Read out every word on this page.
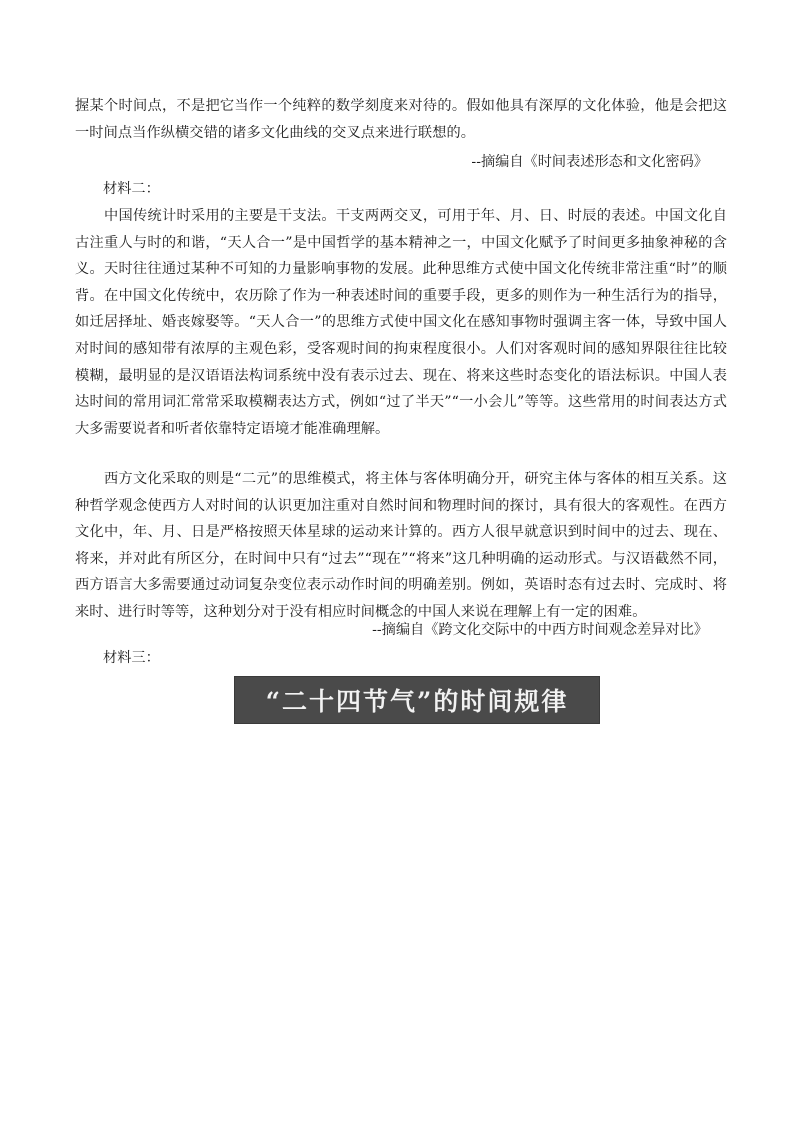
握某个时间点，不是把它当作一个纯粹的数学刻度来对待的。假如他具有深厚的文化体验，他是会把这一时间点当作纵横交错的诸多文化曲线的交叉点来进行联想的。

--摘编自《时间表述形态和文化密码》
材料二：

中国传统计时采用的主要是干支法。干支两两交叉，可用于年、月、日、时辰的表述。中国文化自古注重人与时的和谐，“天人合一”是中国哲学的基本精神之一，中国文化赋予了时间更多抽象神秘的含义。天时往往通过某种不可知的力量影响事物的发展。此种思维方式使中国文化传统非常注重“时”的顺背。在中国文化传统中，农历除了作为一种表述时间的重要手段，更多的则作为一种生活行为的指导，如迁居择址、婚丧嫁娶等。“天人合一”的思维方式使中国文化在感知事物时强调主客一体，导致中国人对时间的感知带有浓厚的主观色彩，受客观时间的拘束程度很小。人们对客观时间的感知界限往往比较模糊，最明显的是汉语语法构词系统中没有表示过去、现在、将来这些时态变化的语法标识。中国人表达时间的常用词汇常常采取模糊表达方式，例如“过了半天”“一小会儿”等等。这些常用的时间表达方式大多需要说者和听者依靠特定语境才能准确理解。

西方文化采取的则是“二元”的思维模式，将主体与客体明确分开，研究主体与客体的相互关系。这种哲学观念使西方人对时间的认识更加注重对自然时间和物理时间的探讨，具有很大的客观性。在西方文化中，年、月、日是严格按照天体星球的运动来计算的。西方人很早就意识到时间中的过去、现在、将来，并对此有所区分，在时间中只有“过去”“现在”“将来”这几种明确的运动形式。与汉语截然不同，西方语言大多需要通过动词复杂变位表示动作时间的明确差别。例如，英语时态有过去时、完成时、将来时、进行时等等，这种划分对于没有相应时间概念的中国人来说在理解上有一定的困难。

--摘编自《跨文化交际中的中西方时间观念差异对比》
材料三：
“二十四节气”的时间规律
